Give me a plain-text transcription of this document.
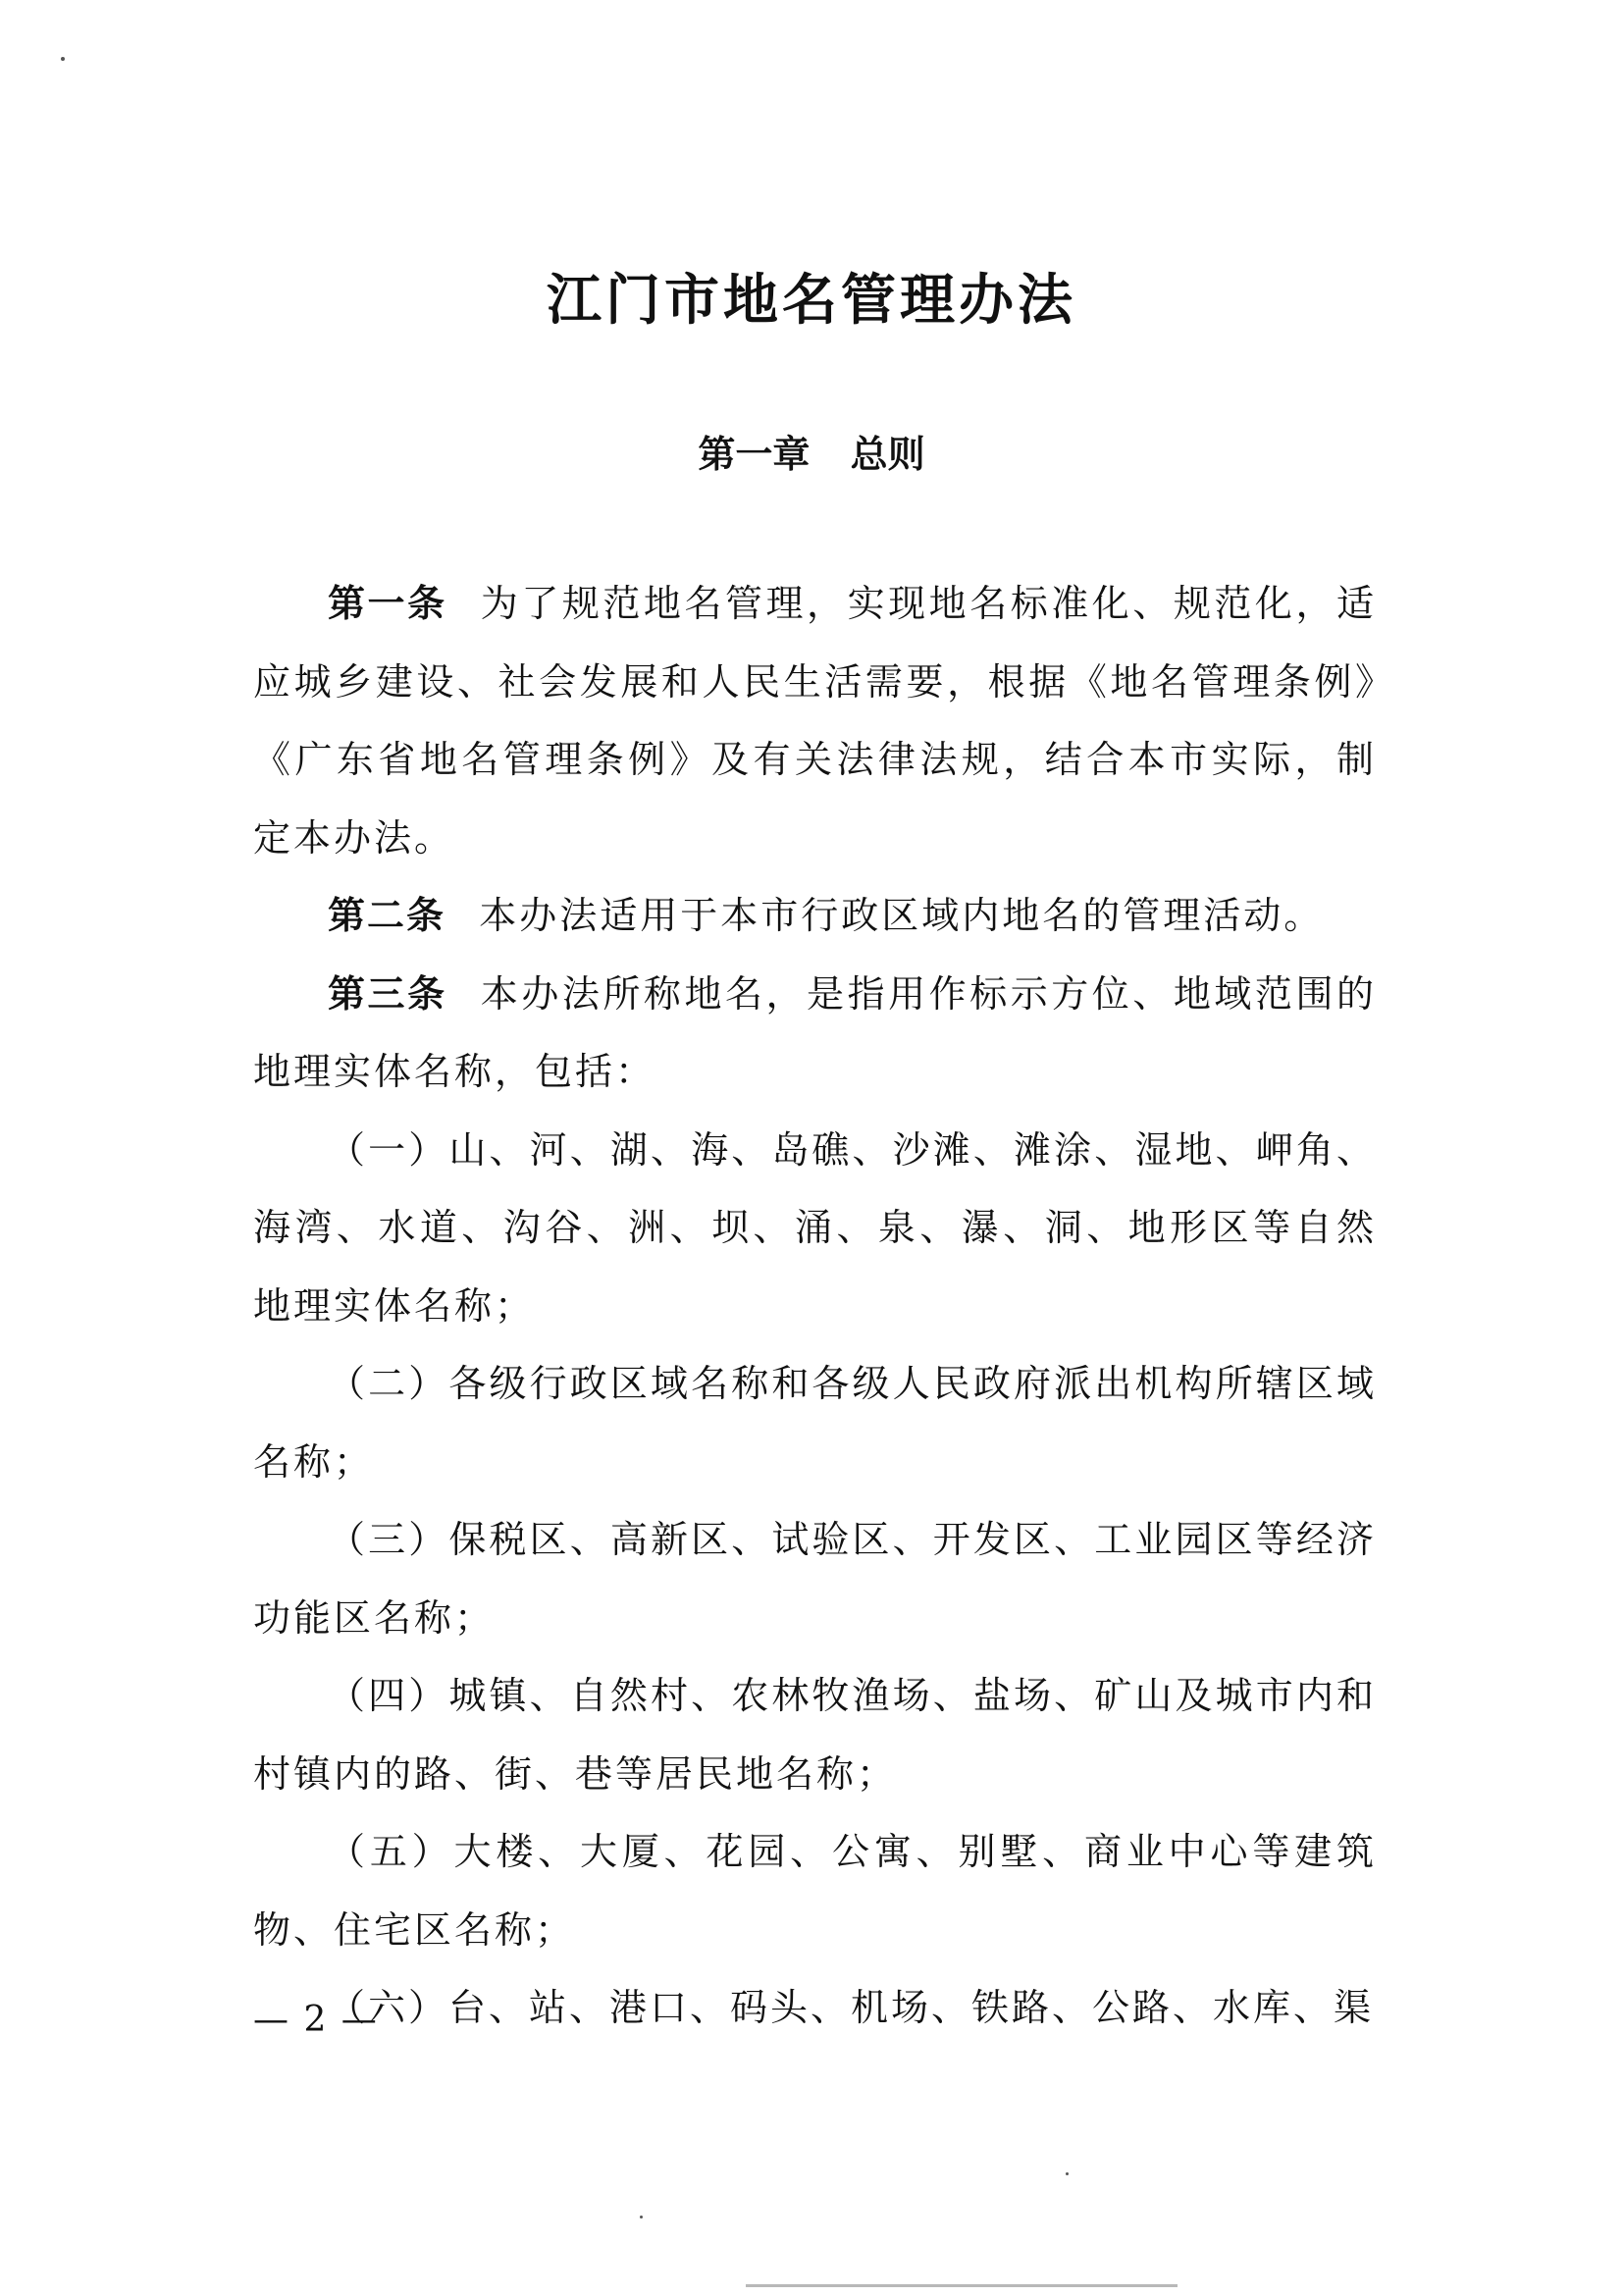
江门市地名管理办法
第一章 总则

第一条 为了规范地名管理，实现地名标准化、规范化，适应城乡建设、社会发展和人民生活需要，根据《地名管理条例》《广东省地名管理条例》及有关法律法规，结合本市实际，制定本办法。

第二条 本办法适用于本市行政区域内地名的管理活动。

第三条 本办法所称地名，是指用作标示方位、地域范围的地理实体名称，包括：

（一）山、河、湖、海、岛礁、沙滩、滩涂、湿地、岬角、海湾、水道、沟谷、洲、坝、涌、泉、瀑、洞、地形区等自然地理实体名称；

（二）各级行政区域名称和各级人民政府派出机构所辖区域名称；

（三）保税区、高新区、试验区、开发区、工业园区等经济功能区名称；

（四）城镇、自然村、农林牧渔场、盐场、矿山及城市内和村镇内的路、街、巷等居民地名称；

（五）大楼、大厦、花园、公寓、别墅、商业中心等建筑物、住宅区名称；

（六）台、站、港口、码头、机场、铁路、公路、水库、渠

— 2 —
